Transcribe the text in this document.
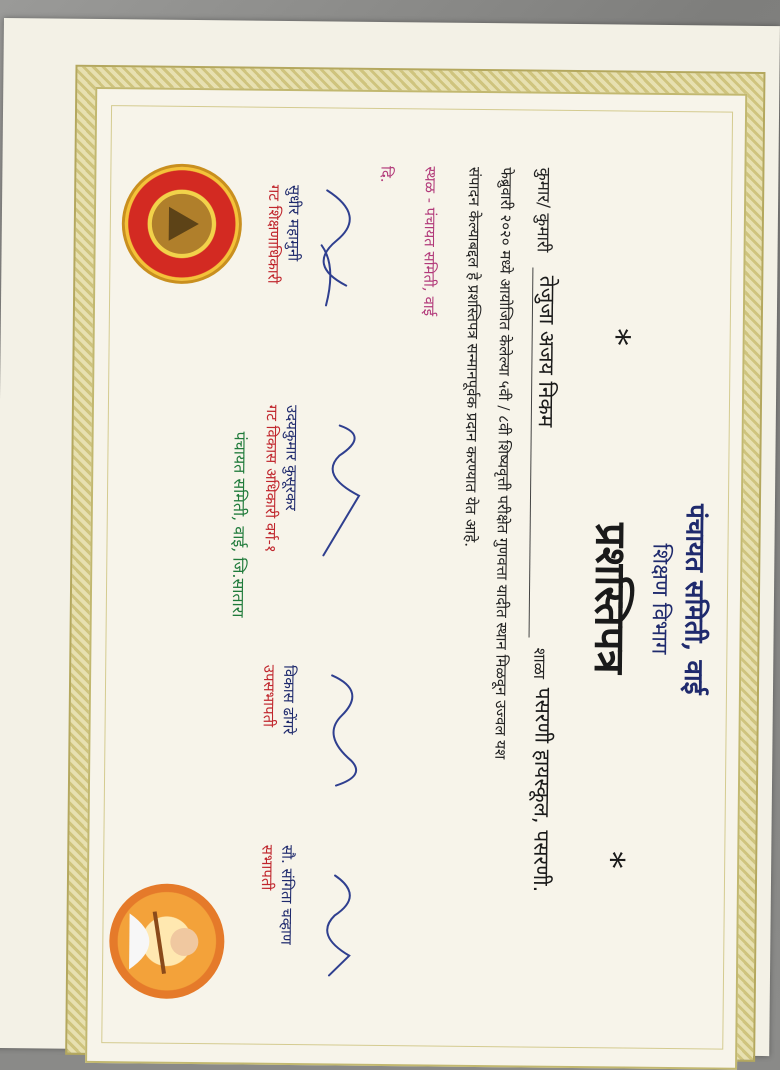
पंचायत समिती, वाई
शिक्षण विभाग
*
प्रशस्तिपत्र
*
कुमार/ कुमारी
तेजुजा अजय निकम
शाळा
पसरणी हायस्कूल, पसरणी.
फेब्रुवारी २०२० मध्ये आयोजित केलेल्या ५वी / ८वी शिष्यवृत्ती परीक्षेत गुणवत्ता यादीत स्थान मिळवून उज्वल यश
संपादन केल्याबद्दल हे प्रशस्तिपत्र सन्मानपूर्वक प्रदान करण्यात येत आहे.
स्थळ - पंचायत समिती, वाई
दि.
सुधीर महामुनी
गट शिक्षणाधिकारी
उदयकुमार कुसूरकर
गट विकास अधिकारी वर्ग-१
विकास ढोंगरे
उपसभापती
सौ. संगिता चव्हाण
सभापती
पंचायत समिती, वाई, जि.सातारा
